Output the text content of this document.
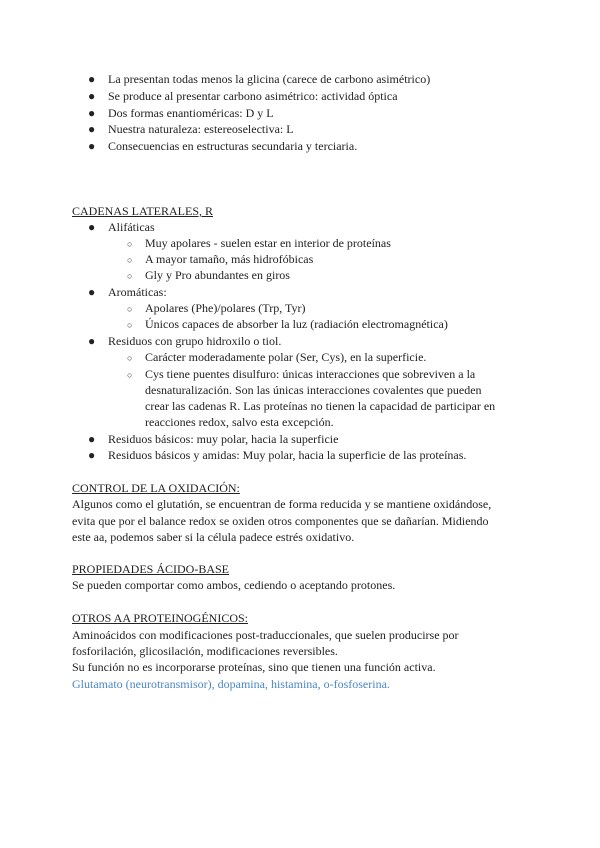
● La presentan todas menos la glicina (carece de carbono asimétrico)
● Se produce al presentar carbono asimétrico: actividad óptica
● Dos formas enantioméricas: D y L
● Nuestra naturaleza: estereoselectiva: L
● Consecuencias en estructuras secundaria y terciaria.
CADENAS LATERALES, R
● Alifáticas
○ Muy apolares - suelen estar en interior de proteínas
○ A mayor tamaño, más hidrofóbicas
○ Gly y Pro abundantes en giros
● Aromáticas:
○ Apolares (Phe)/polares (Trp, Tyr)
○ Únicos capaces de absorber la luz (radiación electromagnética)
● Residuos con grupo hidroxilo o tiol.
○ Carácter moderadamente polar (Ser, Cys), en la superficie.
○ Cys tiene puentes disulfuro: únicas interacciones que sobreviven a la
desnaturalización. Son las únicas interacciones covalentes que pueden
crear las cadenas R. Las proteínas no tienen la capacidad de participar en
reacciones redox, salvo esta excepción.
● Residuos básicos: muy polar, hacia la superficie
● Residuos básicos y amidas: Muy polar, hacia la superficie de las proteínas.
CONTROL DE LA OXIDACIÓN:
Algunos como el glutatión, se encuentran de forma reducida y se mantiene oxidándose,
evita que por el balance redox se oxiden otros componentes que se dañarían. Midiendo
este aa, podemos saber si la célula padece estrés oxidativo.
PROPIEDADES ÁCIDO-BASE
Se pueden comportar como ambos, cediendo o aceptando protones.
OTROS AA PROTEINOGÉNICOS:
Aminoácidos con modificaciones post-traduccionales, que suelen producirse por
fosforilación, glicosilación, modificaciones reversibles.
Su función no es incorporarse proteínas, sino que tienen una función activa.
Glutamato (neurotransmisor), dopamina, histamina, o-fosfoserina.
